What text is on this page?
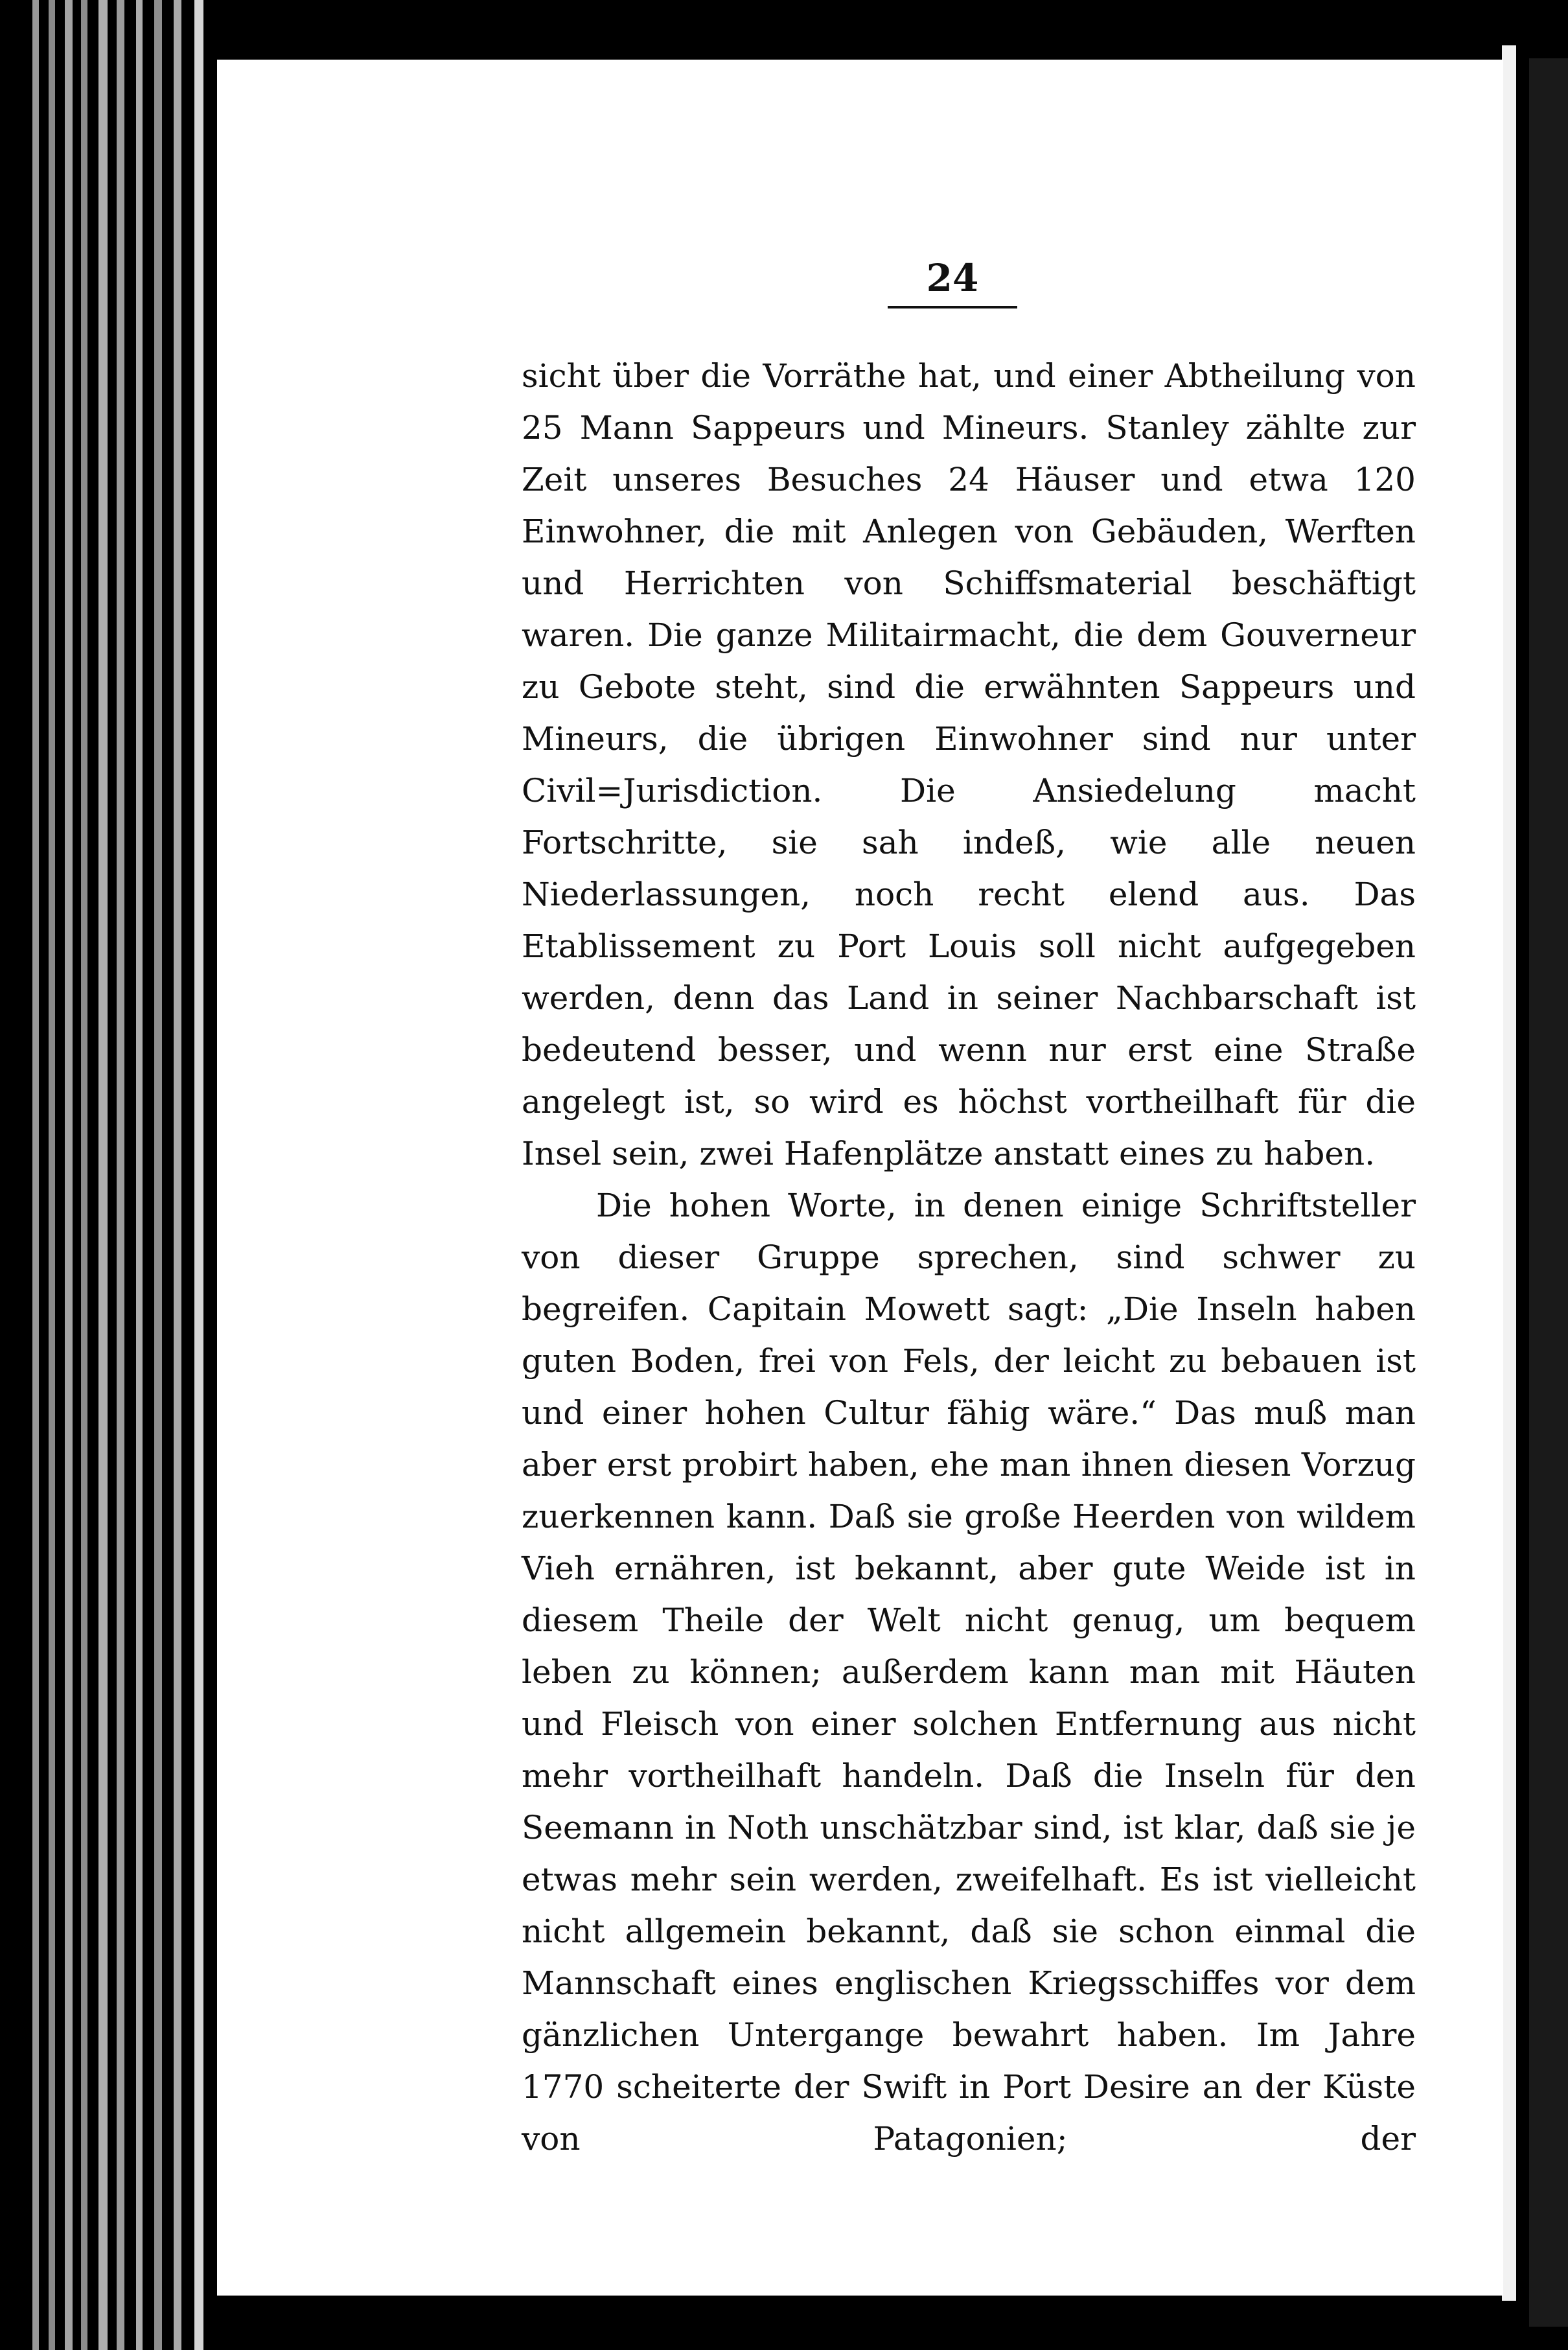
24

sicht über die Vorräthe hat, und einer Abtheilung von 25 Mann Sappeurs und Mineurs. Stanley zählte zur Zeit unseres Besuches 24 Häuser und etwa 120 Einwohner, die mit Anlegen von Gebäuden, Werften und Herrichten von Schiffsmaterial beschäftigt waren. Die ganze Militairmacht, die dem Gouverneur zu Gebote steht, sind die erwähnten Sappeurs und Mineurs, die übrigen Einwohner sind nur unter Civil=Jurisdiction. Die Ansiedelung macht Fortschritte, sie sah indeß, wie alle neuen Niederlassungen, noch recht elend aus. Das Etablissement zu Port Louis soll nicht aufgegeben werden, denn das Land in seiner Nachbarschaft ist bedeutend besser, und wenn nur erst eine Straße angelegt ist, so wird es höchst vortheilhaft für die Insel sein, zwei Hafenplätze anstatt eines zu haben.

Die hohen Worte, in denen einige Schriftsteller von dieser Gruppe sprechen, sind schwer zu begreifen. Capitain Mowett sagt: „Die Inseln haben guten Boden, frei von Fels, der leicht zu bebauen ist und einer hohen Cultur fähig wäre.“ Das muß man aber erst probirt haben, ehe man ihnen diesen Vorzug zuerkennen kann. Daß sie große Heerden von wildem Vieh ernähren, ist bekannt, aber gute Weide ist in diesem Theile der Welt nicht genug, um bequem leben zu können; außerdem kann man mit Häuten und Fleisch von einer solchen Entfernung aus nicht mehr vortheilhaft handeln. Daß die Inseln für den Seemann in Noth unschätzbar sind, ist klar, daß sie je etwas mehr sein werden, zweifelhaft. Es ist vielleicht nicht allgemein bekannt, daß sie schon einmal die Mannschaft eines englischen Kriegsschiffes vor dem gänzlichen Untergange bewahrt haben. Im Jahre 1770 scheiterte der Swift in Port Desire an der Küste von Patagonien; der
